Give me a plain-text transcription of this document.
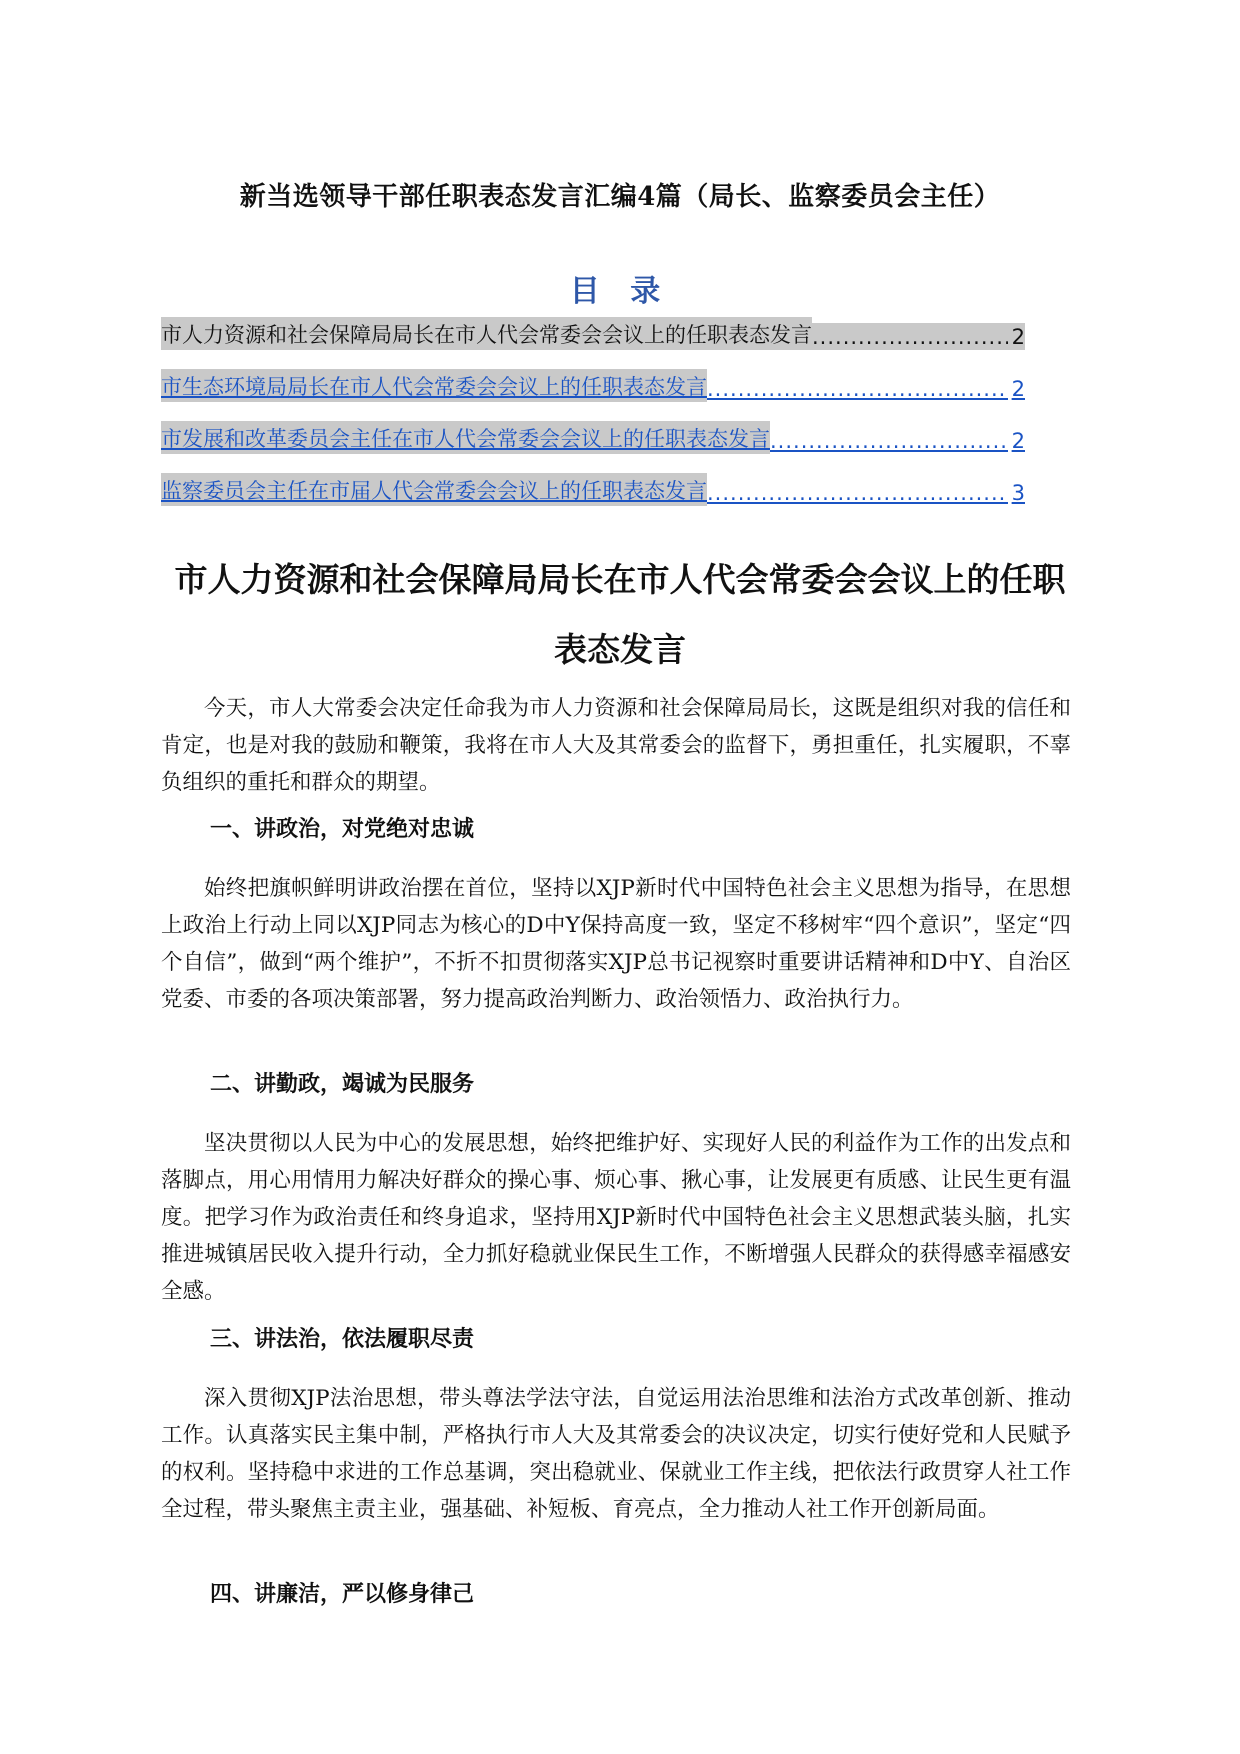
新当选领导干部任职表态发言汇编4篇（局长、监察委员会主任）
目 录
市人力资源和社会保障局局长在市人代会常委会会议上的任职表态发言 .....	2
市生态环境局局长在市人代会常委会会议上的任职表态发言 .....	2
市发展和改革委员会主任在市人代会常委会会议上的任职表态发言 .....	2
监察委员会主任在市届人代会常委会会议上的任职表态发言 .....	3
市人力资源和社会保障局局长在市人代会常委会会议上的任职
表态发言
今天，市人大常委会决定任命我为市人力资源和社会保障局局长，这既是组织对我的信任和肯定，也是对我的鼓励和鞭策，我将在市人大及其常委会的监督下，勇担重任，扎实履职，不辜负组织的重托和群众的期望。
一、讲政治，对党绝对忠诚
始终把旗帜鲜明讲政治摆在首位，坚持以XJP新时代中国特色社会主义思想为指导，在思想上政治上行动上同以XJP同志为核心的D中Y保持高度一致，坚定不移树牢“四个意识”，坚定“四个自信”，做到“两个维护”，不折不扣贯彻落实XJP总书记视察时重要讲话精神和D中Y、自治区党委、市委的各项决策部署，努力提高政治判断力、政治领悟力、政治执行力。
二、讲勤政，竭诚为民服务
坚决贯彻以人民为中心的发展思想，始终把维护好、实现好人民的利益作为工作的出发点和落脚点，用心用情用力解决好群众的操心事、烦心事、揪心事，让发展更有质感、让民生更有温度。把学习作为政治责任和终身追求，坚持用XJP新时代中国特色社会主义思想武装头脑，扎实推进城镇居民收入提升行动，全力抓好稳就业保民生工作，不断增强人民群众的获得感幸福感安全感。
三、讲法治，依法履职尽责
深入贯彻XJP法治思想，带头尊法学法守法，自觉运用法治思维和法治方式改革创新、推动工作。认真落实民主集中制，严格执行市人大及其常委会的决议决定，切实行使好党和人民赋予的权利。坚持稳中求进的工作总基调，突出稳就业、保就业工作主线，把依法行政贯穿人社工作全过程，带头聚焦主责主业，强基础、补短板、育亮点，全力推动人社工作开创新局面。
四、讲廉洁，严以修身律己
